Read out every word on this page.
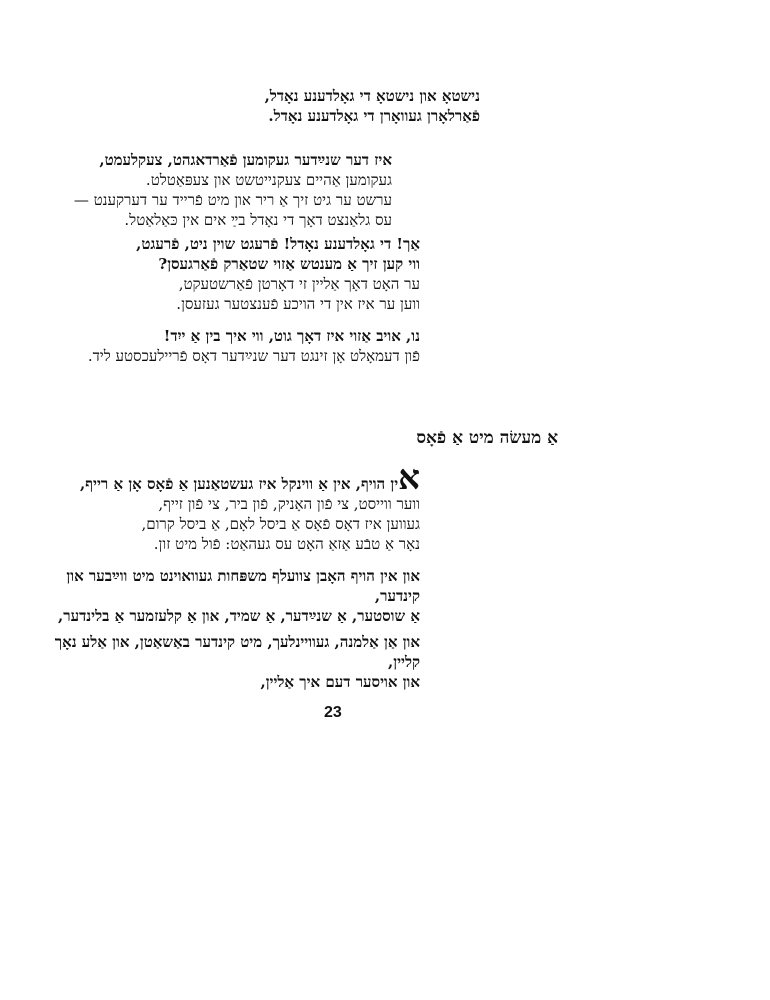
נישטאָ און נישטאָ די גאָלדענע נאָדל,
פֿאַרלאָרן געוואָרן די גאָלדענע נאָדל.
איז דער שנײַדער געקומען פֿאַרדאגהט, צעקלעמט,
געקומען אַהיים צעקנייטשט און צעפּאַטלט.
ערשט ער גיט זיך אַ ריר און מיט פֿרייד ער דערקענט —
עס גלאַנצט דאָך די נאָדל בײַ אים אין כּאַלאַטל.
אַך! די גאָלדענע נאָדל! פֿרעגט שוין ניט, פֿרעגט,
ווי קען זיך אַ מענטש אַזוי שטאַרק פֿאַרגעסן?
ער האָט דאָך אַליין זי דאָרטן פֿאַרשטעקט,
ווען ער איז אין די הויכע פֿענצטער געזעסן.
נו, אויב אַזוי איז דאָך גוט, ווי איך בין אַ ייִד!
פֿון דעמאָלט אָן זינגט דער שנײַדער דאָס פֿריילעכסטע ליד.
אַ מעשׂה מיט אַ פֿאָס
אין הויף, אין אַ ווינקל איז געשטאַנען אַ פֿאָס אָן אַ רייף,
ווער ווייסט, צי פֿון האָניק, פֿון ביר, צי פֿון זייף,
געווען איז דאָס פֿאָס אַ ביסל לאָם, אַ ביסל קרום,
נאָר אַ טבֿע אַזאַ האָט עס געהאַט: פֿול מיט זון.
און אין הויף האָבן צוועלף משפּחות געוואוינט מיט ווײַבער און
קינדער,
אַ שוסטער, אַ שנײַדער, אַ שמיד, און אַ קלעזמער אַ בלינדער,
און אַן אַלמנה, געוויינלעך, מיט קינדער באַשאַטן, און אַלע נאָך
קליין,
און אויסער דעם איך אַליין,
23
